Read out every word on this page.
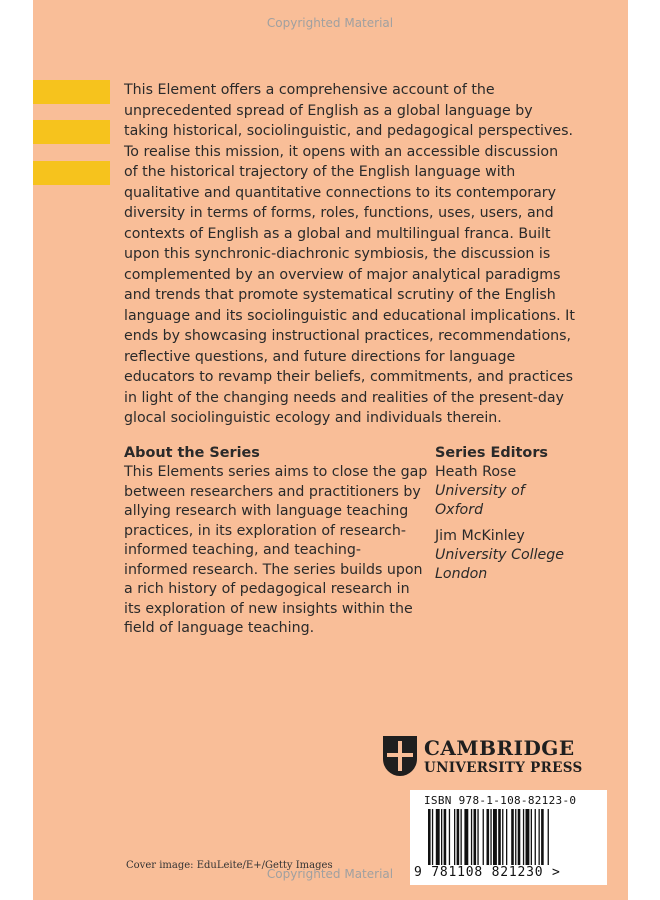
Copyrighted Material
This Element offers a comprehensive account of the
unprecedented spread of English as a global language by
taking historical, sociolinguistic, and pedagogical perspectives.
To realise this mission, it opens with an accessible discussion
of the historical trajectory of the English language with
qualitative and quantitative connections to its contemporary
diversity in terms of forms, roles, functions, uses, users, and
contexts of English as a global and multilingual franca. Built
upon this synchronic-diachronic symbiosis, the discussion is
complemented by an overview of major analytical paradigms
and trends that promote systematical scrutiny of the English
language and its sociolinguistic and educational implications. It
ends by showcasing instructional practices, recommendations,
reflective questions, and future directions for language
educators to revamp their beliefs, commitments, and practices
in light of the changing needs and realities of the present-day
glocal sociolinguistic ecology and individuals therein.
About the Series
This Elements series aims to close the gap
between researchers and practitioners by
allying research with language teaching
practices, in its exploration of research-
informed teaching, and teaching-
informed research. The series builds upon
a rich history of pedagogical research in
its exploration of new insights within the
field of language teaching.
Series Editors
Heath Rose
University of
Oxford
Jim McKinley
University College
London
CAMBRIDGE
UNIVERSITY PRESS
ISBN 978-1-108-82123-0
9 781108 821230 >
Cover image: EduLeite/E+/Getty Images
Copyrighted Material
